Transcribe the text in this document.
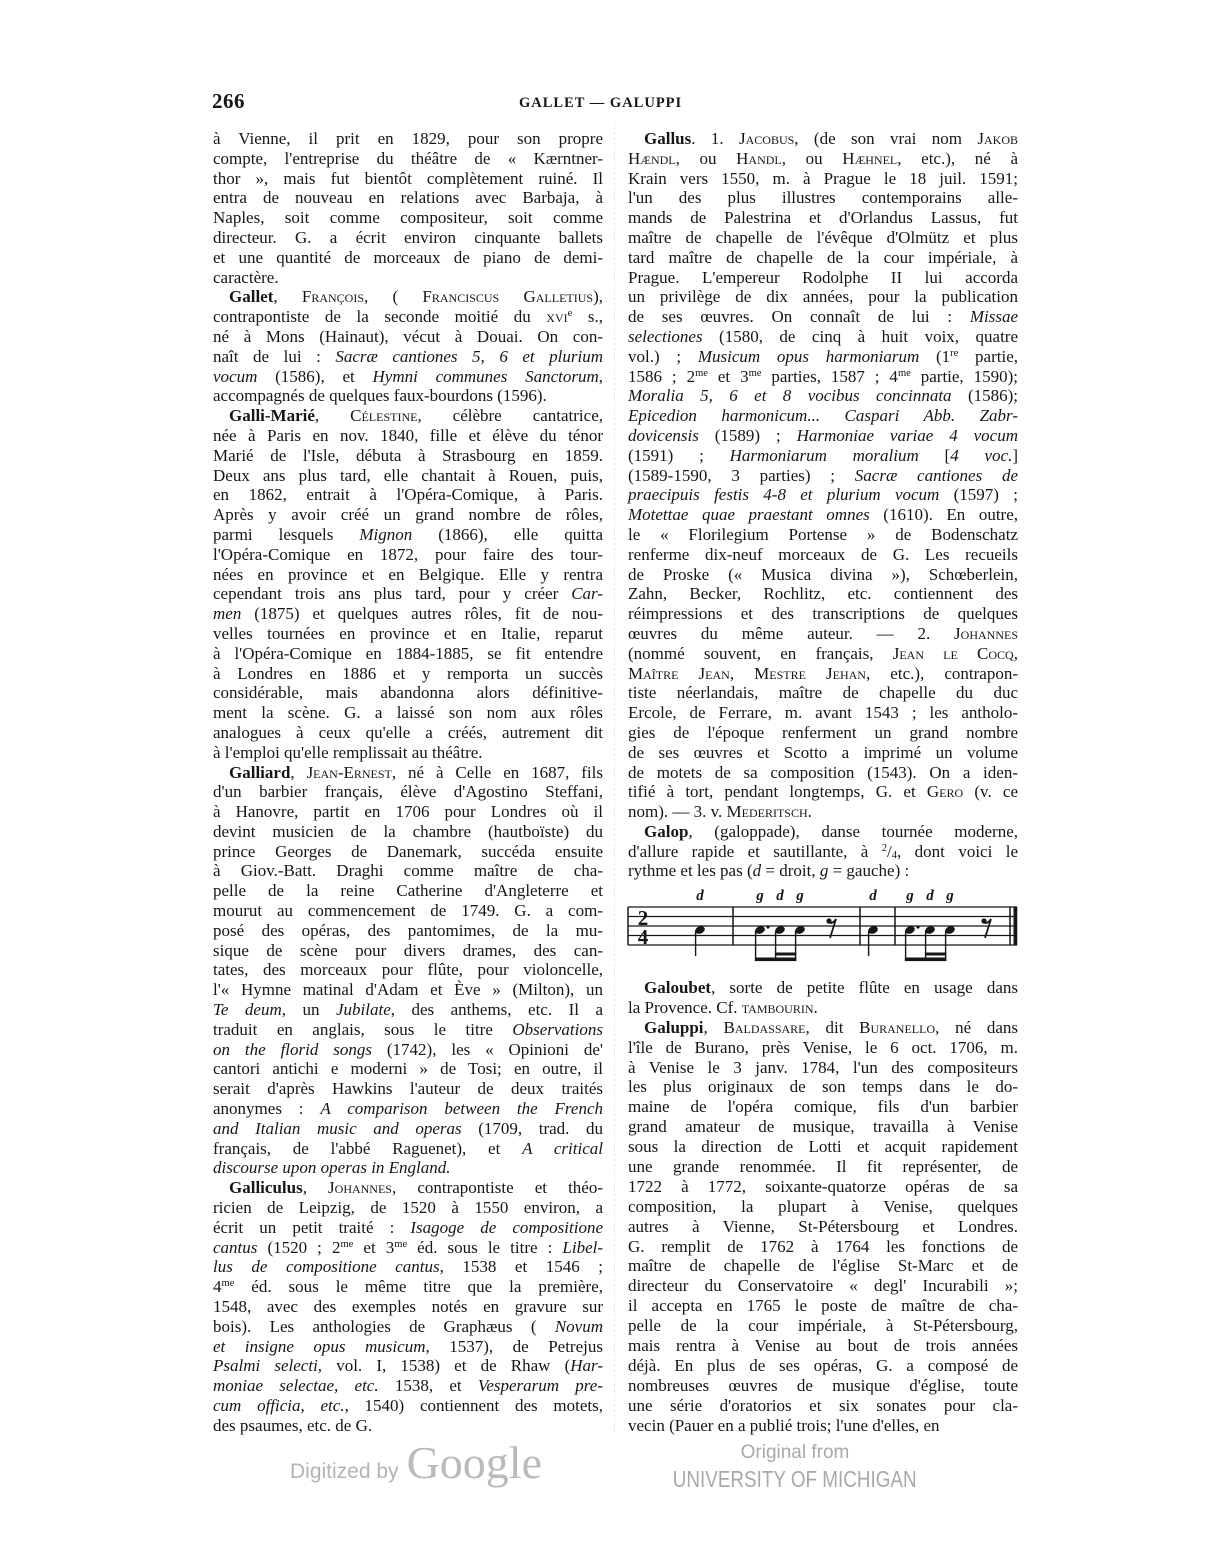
266	GALLET — GALUPPI
à Vienne, il prit en 1829, pour son propre
compte, l'entreprise du théâtre de « Kærntner-
thor », mais fut bientôt complètement ruiné. Il
entra de nouveau en relations avec Barbaja, à
Naples, soit comme compositeur, soit comme
directeur. G. a écrit environ cinquante ballets
et une quantité de morceaux de piano de demi-
caractère.
Gallet, François, ( Franciscus Galletius),
contrapontiste de la seconde moitié du xvi$^e$ s.,
né à Mons (Hainaut), vécut à Douai. On con-
naît de lui : Sacræ cantiones 5, 6 et plurium
vocum (1586), et Hymni communes Sanctorum,
accompagnés de quelques faux-bourdons (1596).
Galli-Marié, Célestine, célèbre cantatrice,
née à Paris en nov. 1840, fille et élève du ténor
Marié de l'Isle, débuta à Strasbourg en 1859.
Deux ans plus tard, elle chantait à Rouen, puis,
en 1862, entrait à l'Opéra-Comique, à Paris.
Après y avoir créé un grand nombre de rôles,
parmi lesquels Mignon (1866), elle quitta
l'Opéra-Comique en 1872, pour faire des tour-
nées en province et en Belgique. Elle y rentra
cependant trois ans plus tard, pour y créer Car-
men (1875) et quelques autres rôles, fit de nou-
velles tournées en province et en Italie, reparut
à l'Opéra-Comique en 1884-1885, se fit entendre
à Londres en 1886 et y remporta un succès
considérable, mais abandonna alors définitive-
ment la scène. G. a laissé son nom aux rôles
analogues à ceux qu'elle a créés, autrement dit
à l'emploi qu'elle remplissait au théâtre.
Galliard, Jean-Ernest, né à Celle en 1687, fils
d'un barbier français, élève d'Agostino Steffani,
à Hanovre, partit en 1706 pour Londres où il
devint musicien de la chambre (hautboïste) du
prince Georges de Danemark, succéda ensuite
à Giov.-Batt. Draghi comme maître de cha-
pelle de la reine Catherine d'Angleterre et
mourut au commencement de 1749. G. a com-
posé des opéras, des pantomimes, de la mu-
sique de scène pour divers drames, des can-
tates, des morceaux pour flûte, pour violoncelle,
l'« Hymne matinal d'Adam et Ève » (Milton), un
Te deum, un Jubilate, des anthems, etc. Il a
traduit en anglais, sous le titre Observations
on the florid songs (1742), les « Opinioni de'
cantori antichi e moderni » de Tosi; en outre, il
serait d'après Hawkins l'auteur de deux traités
anonymes : A comparison between the French
and Italian music and operas (1709, trad. du
français, de l'abbé Raguenet), et A critical
discourse upon operas in England.
Galliculus, Johannes, contrapontiste et théo-
ricien de Leipzig, de 1520 à 1550 environ, a
écrit un petit traité : Isagoge de compositione
cantus (1520 ; $2^{me}$ et $3^{me}$ éd. sous le titre : Libel-
lus de compositione cantus, 1538 et 1546 ;
$4^{me}$ éd. sous le même titre que la première,
1548, avec des exemples notés en gravure sur
bois). Les anthologies de Graphæus ( Novum
et insigne opus musicum, 1537), de Petrejus
Psalmi selecti, vol. I, 1538) et de Rhaw (Har-
moniae selectae, etc. 1538, et Vesperarum pre-
cum officia, etc., 1540) contiennent des motets,
des psaumes, etc. de G.
Gallus. 1. Jacobus, (de son vrai nom Jakob
Hændl, ou Handl, ou Hæhnel, etc.), né à
Krain vers 1550, m. à Prague le 18 juil. 1591;
l'un des plus illustres contemporains alle-
mands de Palestrina et d'Orlandus Lassus, fut
maître de chapelle de l'évêque d'Olmütz et plus
tard maître de chapelle de la cour impériale, à
Prague. L'empereur Rodolphe II lui accorda
un privilège de dix années, pour la publication
de ses œuvres. On connaît de lui : Missae
selectiones (1580, de cinq à huit voix, quatre
vol.) ; Musicum opus harmoniarum (1re partie,
1586 ; $2^{me}$ et $3^{me}$ parties, 1587 ; $4^{me}$ partie, 1590);
Moralia 5, 6 et 8 vocibus concinnata (1586);
Epicedion harmonicum... Caspari Abb. Zabr-
dovicensis (1589) ; Harmoniae variae 4 vocum
(1591) ; Harmoniarum moralium [4 voc.]
(1589-1590, 3 parties) ; Sacræ cantiones de
praecipuis festis 4-8 et plurium vocum (1597) ;
Motettae quae praestant omnes (1610). En outre,
le « Florilegium Portense » de Bodenschatz
renferme dix-neuf morceaux de G. Les recueils
de Proske (« Musica divina »), Schœberlein,
Zahn, Becker, Rochlitz, etc. contiennent des
réimpressions et des transcriptions de quelques
œuvres du même auteur. — 2. Johannes
(nommé souvent, en français, Jean le Cocq,
Maître Jean, Mestre Jehan, etc.), contrapon-
tiste néerlandais, maître de chapelle du duc
Ercole, de Ferrare, m. avant 1543 ; les antholo-
gies de l'époque renferment un grand nombre
de ses œuvres et Scotto a imprimé un volume
de motets de sa composition (1543). On a iden-
tifié à tort, pendant longtemps, G. et Gero (v. ce
nom). — 3. v. Mederitsch.
Galop, (galoppade), danse tournée moderne,
d'allure rapide et sautillante, à $^2$/4, dont voici le
rythme et les pas (d = droit, g = gauche) :
2
4
d	g d g	d g d g
Galoubet, sorte de petite flûte en usage dans
la Provence. Cf. tambourin.
Galuppi, Baldassare, dit Buranello, né dans
l'île de Burano, près Venise, le 6 oct. 1706, m.
à Venise le 3 janv. 1784, l'un des compositeurs
les plus originaux de son temps dans le do-
maine de l'opéra comique, fils d'un barbier
grand amateur de musique, travailla à Venise
sous la direction de Lotti et acquit rapidement
une grande renommée. Il fit représenter, de
1722 à 1772, soixante-quatorze opéras de sa
composition, la plupart à Venise, quelques
autres à Vienne, St-Pétersbourg et Londres.
G. remplit de 1762 à 1764 les fonctions de
maître de chapelle de l'église St-Marc et de
directeur du Conservatoire « degl' Incurabili »;
il accepta en 1765 le poste de maître de cha-
pelle de la cour impériale, à St-Pétersbourg,
mais rentra à Venise au bout de trois années
déjà. En plus de ses opéras, G. a composé de
nombreuses œuvres de musique d'église, toute
une série d'oratorios et six sonates pour cla-
vecin (Pauer en a publié trois; l'une d'elles, en
Digitized by Google	Original from
UNIVERSITY OF MICHIGAN
